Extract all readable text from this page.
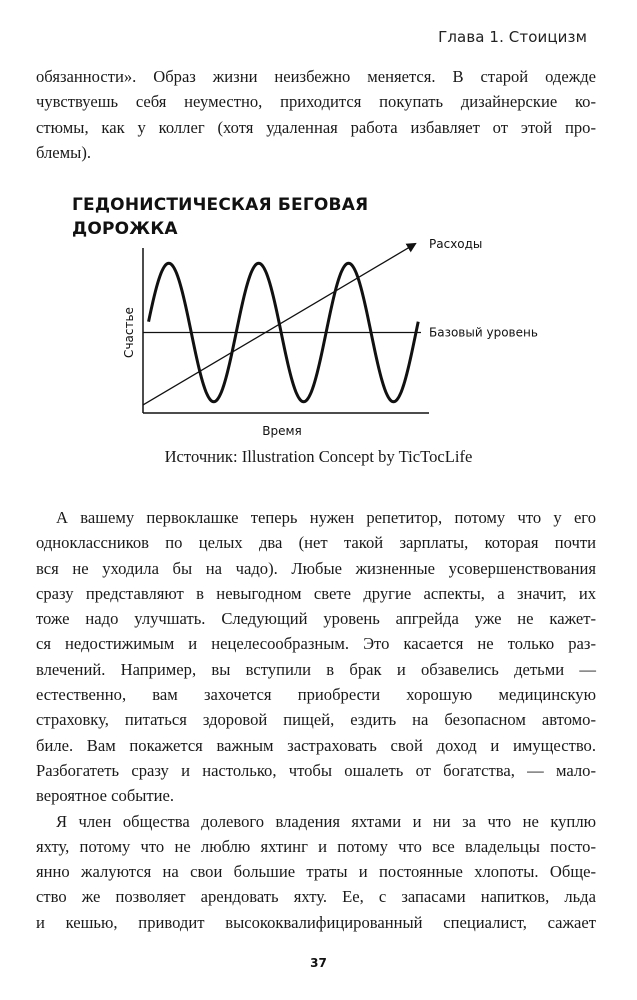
Глава 1. Стоицизм
обязанности». Образ жизни неизбежно меняется. В старой одежде
чувствуешь себя неуместно, приходится покупать дизайнерские ко-
стюмы, как у коллег (хотя удаленная работа избавляет от этой про-
блемы).
ГЕДОНИСТИЧЕСКАЯ БЕГОВАЯ
ДОРОЖКА
Расходы
Базовый уровень
Время
Счастье
Источник: Illustration Concept by TicTocLife
А вашему первоклашке теперь нужен репетитор, потому что у его
одноклассников по целых два (нет такой зарплаты, которая почти
вся не уходила бы на чадо). Любые жизненные усовершенствования
сразу представляют в невыгодном свете другие аспекты, а значит, их
тоже надо улучшать. Следующий уровень апгрейда уже не кажет-
ся недостижимым и нецелесообразным. Это касается не только раз-
влечений. Например, вы вступили в брак и обзавелись детьми —
естественно, вам захочется приобрести хорошую медицинскую
страховку, питаться здоровой пищей, ездить на безопасном автомо-
биле. Вам покажется важным застраховать свой доход и имущество.
Разбогатеть сразу и настолько, чтобы ошалеть от богатства, — мало-
вероятное событие.
Я член общества долевого владения яхтами и ни за что не куплю
яхту, потому что не люблю яхтинг и потому что все владельцы посто-
янно жалуются на свои большие траты и постоянные хлопоты. Обще-
ство же позволяет арендовать яхту. Ее, с запасами напитков, льда
и кешью, приводит высококвалифицированный специалист, сажает
37
